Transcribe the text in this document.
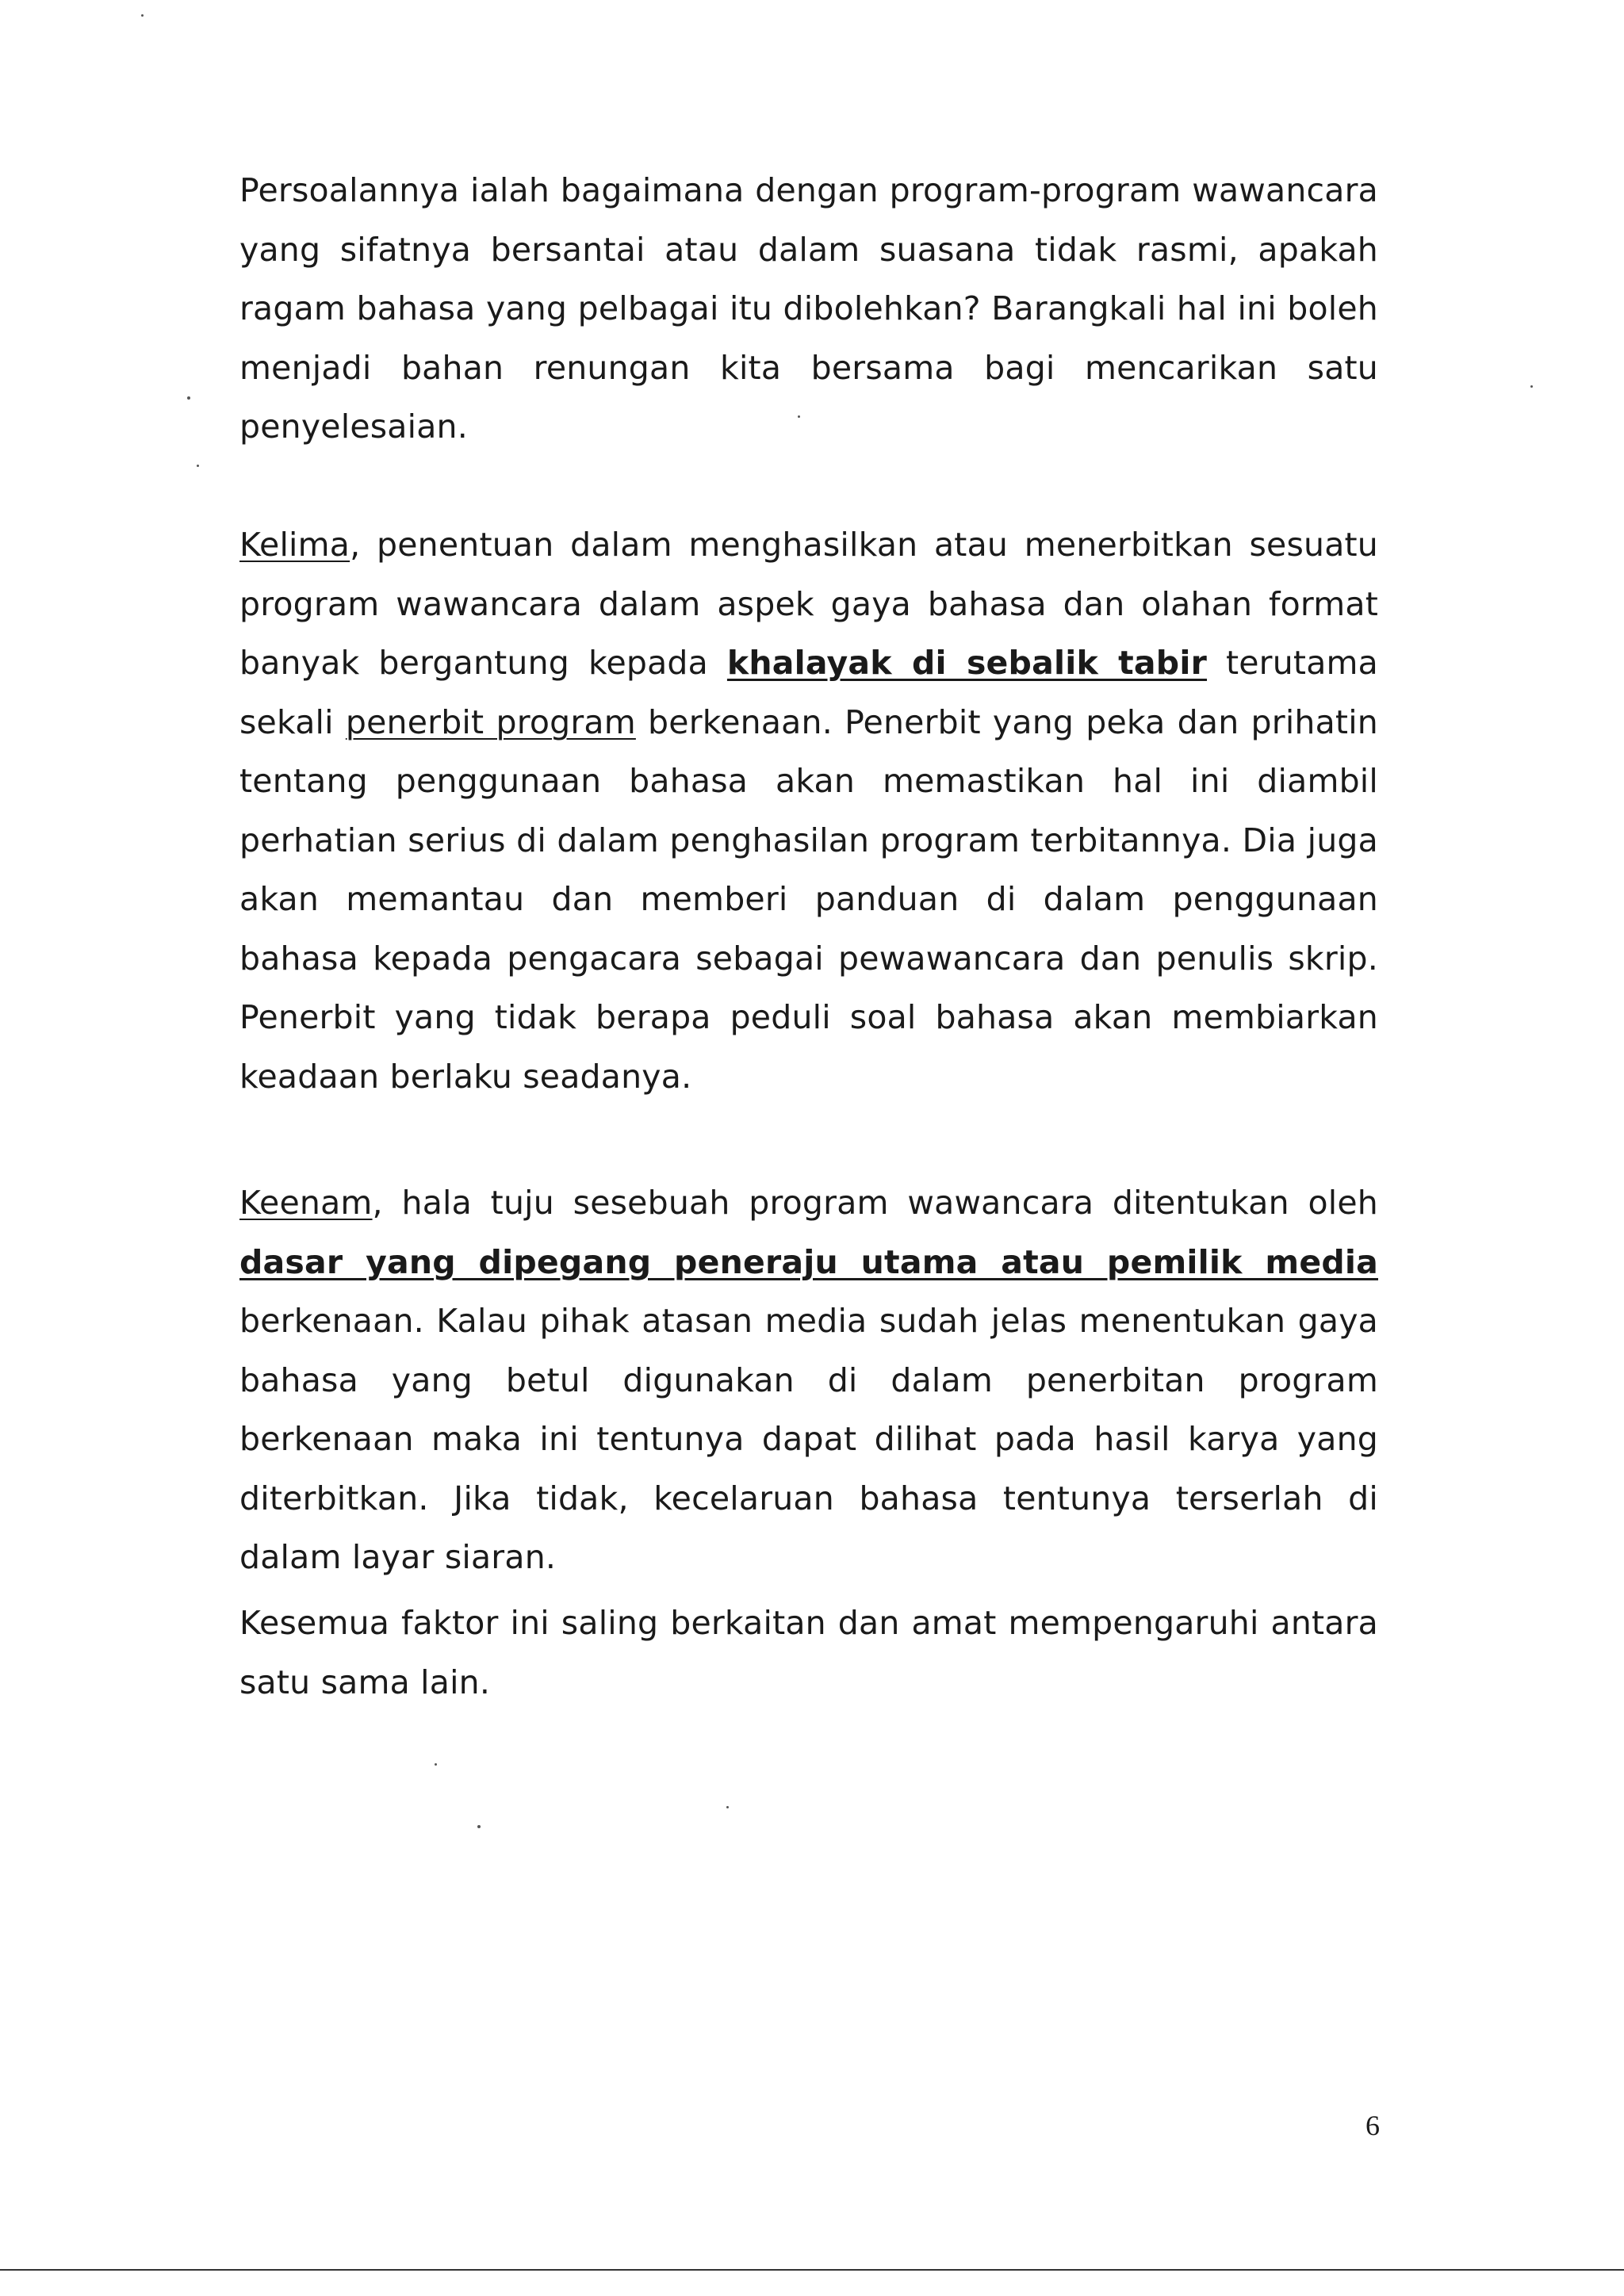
Persoalannya ialah bagaimana dengan program-program wawancara yang sifatnya bersantai atau dalam suasana tidak rasmi, apakah ragam bahasa yang pelbagai itu dibolehkan? Barangkali hal ini boleh menjadi bahan renungan kita bersama bagi mencarikan satu penyelesaian.

Kelima, penentuan dalam menghasilkan atau menerbitkan sesuatu program wawancara dalam aspek gaya bahasa dan olahan format banyak bergantung kepada khalayak di sebalik tabir terutama sekali penerbit program berkenaan. Penerbit yang peka dan prihatin tentang penggunaan bahasa akan memastikan hal ini diambil perhatian serius di dalam penghasilan program terbitannya. Dia juga akan memantau dan memberi panduan di dalam penggunaan bahasa kepada pengacara sebagai pewawancara dan penulis skrip. Penerbit yang tidak berapa peduli soal bahasa akan membiarkan keadaan berlaku seadanya.

Keenam, hala tuju sesebuah program wawancara ditentukan oleh dasar yang dipegang peneraju utama atau pemilik media berkenaan. Kalau pihak atasan media sudah jelas menentukan gaya bahasa yang betul digunakan di dalam penerbitan program berkenaan maka ini tentunya dapat dilihat pada hasil karya yang diterbitkan. Jika tidak, kecelaruan bahasa tentunya terserlah di dalam layar siaran.

Kesemua faktor ini saling berkaitan dan amat mempengaruhi antara satu sama lain.

6
